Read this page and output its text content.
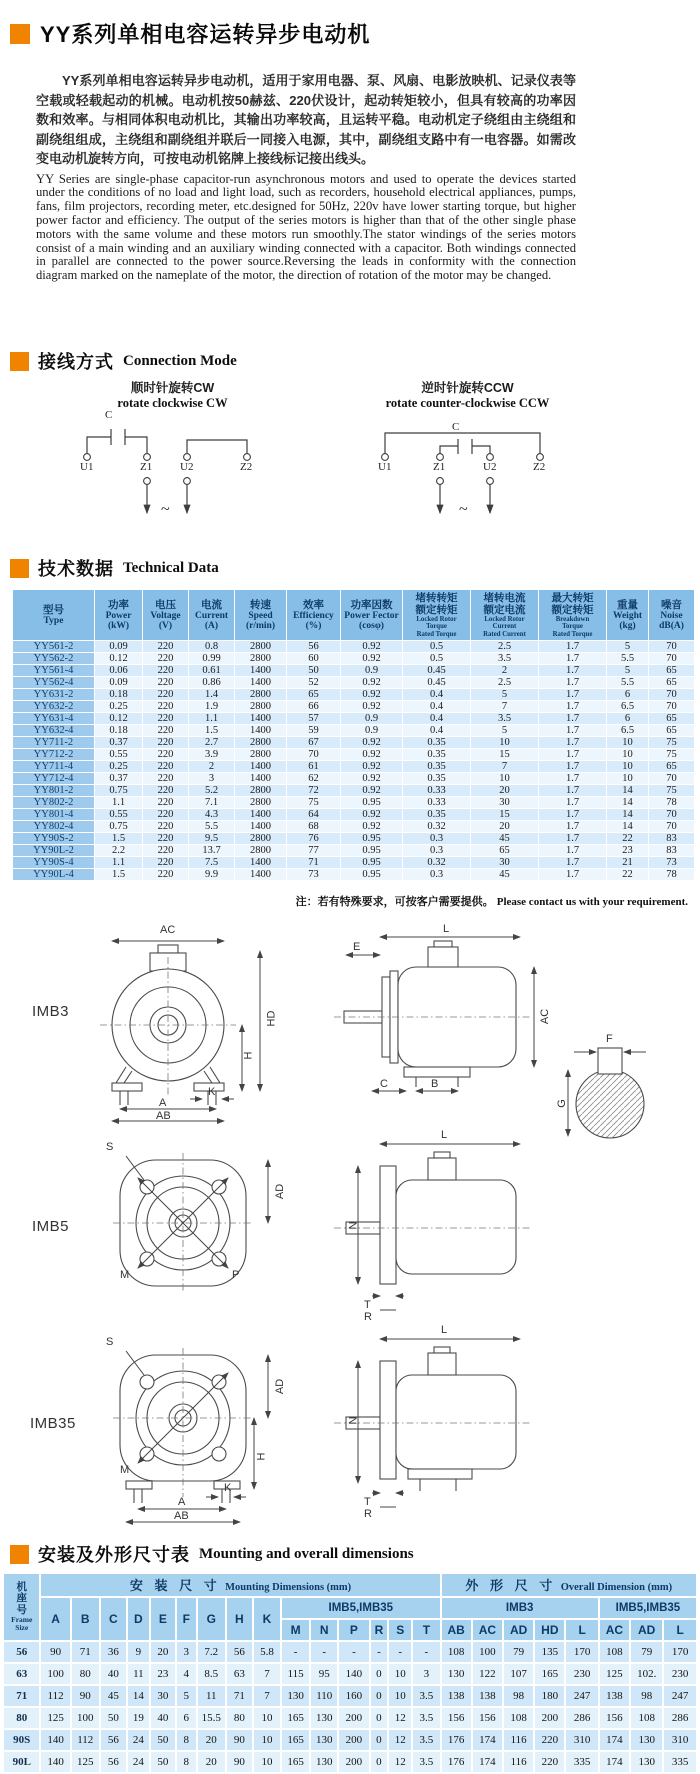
YY系列单相电容运转异步电动机

YY系列单相电容运转异步电动机，适用于家用电器、泵、风扇、电影放映机、记录仪表等空载或轻载起动的机械。电动机按50赫兹、220伏设计，起动转矩较小，但具有较高的功率因数和效率。与相同体积电动机比，其输出功率较高，且运转平稳。电动机定子绕组由主绕组和副绕组组成，主绕组和副绕组并联后一同接入电源，其中，副绕组支路中有一电容器。如需改变电动机旋转方向，可按电动机铭牌上接线标记接出线头。

YY Series are single-phase capacitor-run asynchronous motors and used to operate the devices started under the conditions of no load and light load, such as recorders, household electrical appliances, pumps, fans, film projectors, recording meter, etc.designed for 50Hz, 220v have lower starting torque, but higher power factor and efficiency. The output of the series motors is higher than that of the other single phase motors with the same volume and these motors run smoothly.The stator windings of the series motors consist of a main winding and an auxiliary winding connected with a capacitor. Both windings connected in parallel are connected to the power source.Reversing the leads in conformity with the connection diagram marked on the nameplate of the motor, the direction of rotation of the motor may be changed.

接线方式 Connection Mode
顺时针旋转CW
rotate clockwise CW
C
U1	Z1	U2	Z2
~
逆时针旋转CCW
rotate counter-clockwise CCW
C
U1	Z1	U2	Z2
~
技术数据 Technical Data
型号
Type

功率
Power
(kW)

电压
Voltage
(V)

电流
Current
(A)

转速
Speed
(r/min)

效率
Efficiency
(%)

功率因数
Power Fector
(cosφ)

堵转转矩
额定转矩
Locked Rotor
Torque
Rated Torque

堵转电流
额定电流
Locked Rotor
Current
Rated Current

最大转矩
额定转矩
Breakdown
Torque
Rated Torque

重量
Weight
(kg)

噪音
Noise
dB(A)

YY561-2	0.09	220	0.8	2800	56	0.92	0.5	2.5	1.7	5	70
YY562-2	0.12	220	0.99	2800	60	0.92	0.5	3.5	1.7	5.5	70
YY561-4	0.06	220	0.61	1400	50	0.9	0.45	2	1.7	5	65
YY562-4	0.09	220	0.86	1400	52	0.92	0.45	2.5	1.7	5.5	65
YY631-2	0.18	220	1.4	2800	65	0.92	0.4	5	1.7	6	70
YY632-2	0.25	220	1.9	2800	66	0.92	0.4	7	1.7	6.5	70
YY631-4	0.12	220	1.1	1400	57	0.9	0.4	3.5	1.7	6	65
YY632-4	0.18	220	1.5	1400	59	0.9	0.4	5	1.7	6.5	65
YY711-2	0.37	220	2.7	2800	67	0.92	0.35	10	1.7	10	75
YY712-2	0.55	220	3.9	2800	70	0.92	0.35	15	1.7	10	75
YY711-4	0.25	220	2	1400	61	0.92	0.35	7	1.7	10	65
YY712-4	0.37	220	3	1400	62	0.92	0.35	10	1.7	10	70
YY801-2	0.75	220	5.2	2800	72	0.92	0.33	20	1.7	14	75
YY802-2	1.1	220	7.1	2800	75	0.95	0.33	30	1.7	14	78
YY801-4	0.55	220	4.3	1400	64	0.92	0.35	15	1.7	14	70
YY802-4	0.75	220	5.5	1400	68	0.92	0.32	20	1.7	14	70
YY90S-2	1.5	220	9.5	2800	76	0.95	0.3	45	1.7	22	83
YY90L-2	2.2	220	13.7	2800	77	0.95	0.3	65	1.7	23	83
YY90S-4	1.1	220	7.5	1400	71	0.95	0.32	30	1.7	21	73
YY90L-4	1.5	220	9.9	1400	73	0.95	0.3	45	1.7	22	78
注：若有特殊要求，可按客户需要提供。 Please contact us with your requirement.
IMB3
AC
HD
H
K
A
AB
L
E
AC
C	B
F
G
IMB5
S
AD
M	P
L
N
T
R
IMB35
S
AD
M
H
K
A
AB
L
N
T
R
安装及外形尺寸表 Mounting and overall dimensions
机
座
号
Frame
Size	安 装 尺 寸 Mounting Dimensions (mm)															外 形 尺 寸 Overall Dimension (mm)							
	A	B	C	D	E	F	G	H	K	IMB5,IMB35						IMB3					IMB5,IMB35		
										M	N	P	R	S	T	AB	AC	AD	HD	L	AC	AD	L
56	90	71	36	9	20	3	7.2	56	5.8	-	-	-	-	-	-	108	100	79	135	170	108	79	170
63	100	80	40	11	23	4	8.5	63	7	115	95	140	0	10	3	130	122	107	165	230	125	102.	230
71	112	90	45	14	30	5	11	71	7	130	110	160	0	10	3.5	138	138	98	180	247	138	98	247
80	125	100	50	19	40	6	15.5	80	10	165	130	200	0	12	3.5	156	156	108	200	286	156	108	286
90S	140	112	56	24	50	8	20	90	10	165	130	200	0	12	3.5	176	174	116	220	310	174	130	310
90L	140	125	56	24	50	8	20	90	10	165	130	200	0	12	3.5	176	174	116	220	335	174	130	335
